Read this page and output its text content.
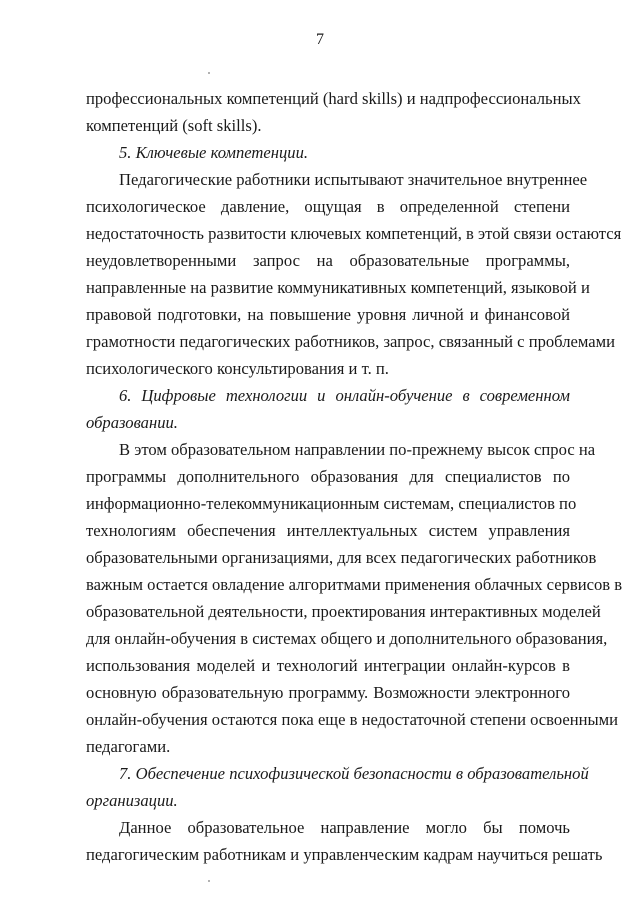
7
профессиональных компетенций (hard skills) и надпрофессиональных
компетенций (soft skills).
5. Ключевые компетенции.
Педагогические работники испытывают значительное внутреннее
психологическое давление, ощущая в определенной степени
недостаточность развитости ключевых компетенций, в этой связи остаются
неудовлетворенными запрос на образовательные программы,
направленные на развитие коммуникативных компетенций, языковой и
правовой подготовки, на повышение уровня личной и финансовой
грамотности педагогических работников, запрос, связанный с проблемами
психологического консультирования и т. п.
6. Цифровые технологии и онлайн-обучение в современном
образовании.
В этом образовательном направлении по-прежнему высок спрос на
программы дополнительного образования для специалистов по
информационно-телекоммуникационным системам, специалистов по
технологиям обеспечения интеллектуальных систем управления
образовательными организациями, для всех педагогических работников
важным остается овладение алгоритмами применения облачных сервисов в
образовательной деятельности, проектирования интерактивных моделей
для онлайн-обучения в системах общего и дополнительного образования,
использования моделей и технологий интеграции онлайн-курсов в
основную образовательную программу. Возможности электронного
онлайн-обучения остаются пока еще в недостаточной степени освоенными
педагогами.
7. Обеспечение психофизической безопасности в образовательной
организации.
Данное образовательное направление могло бы помочь
педагогическим работникам и управленческим кадрам научиться решать
